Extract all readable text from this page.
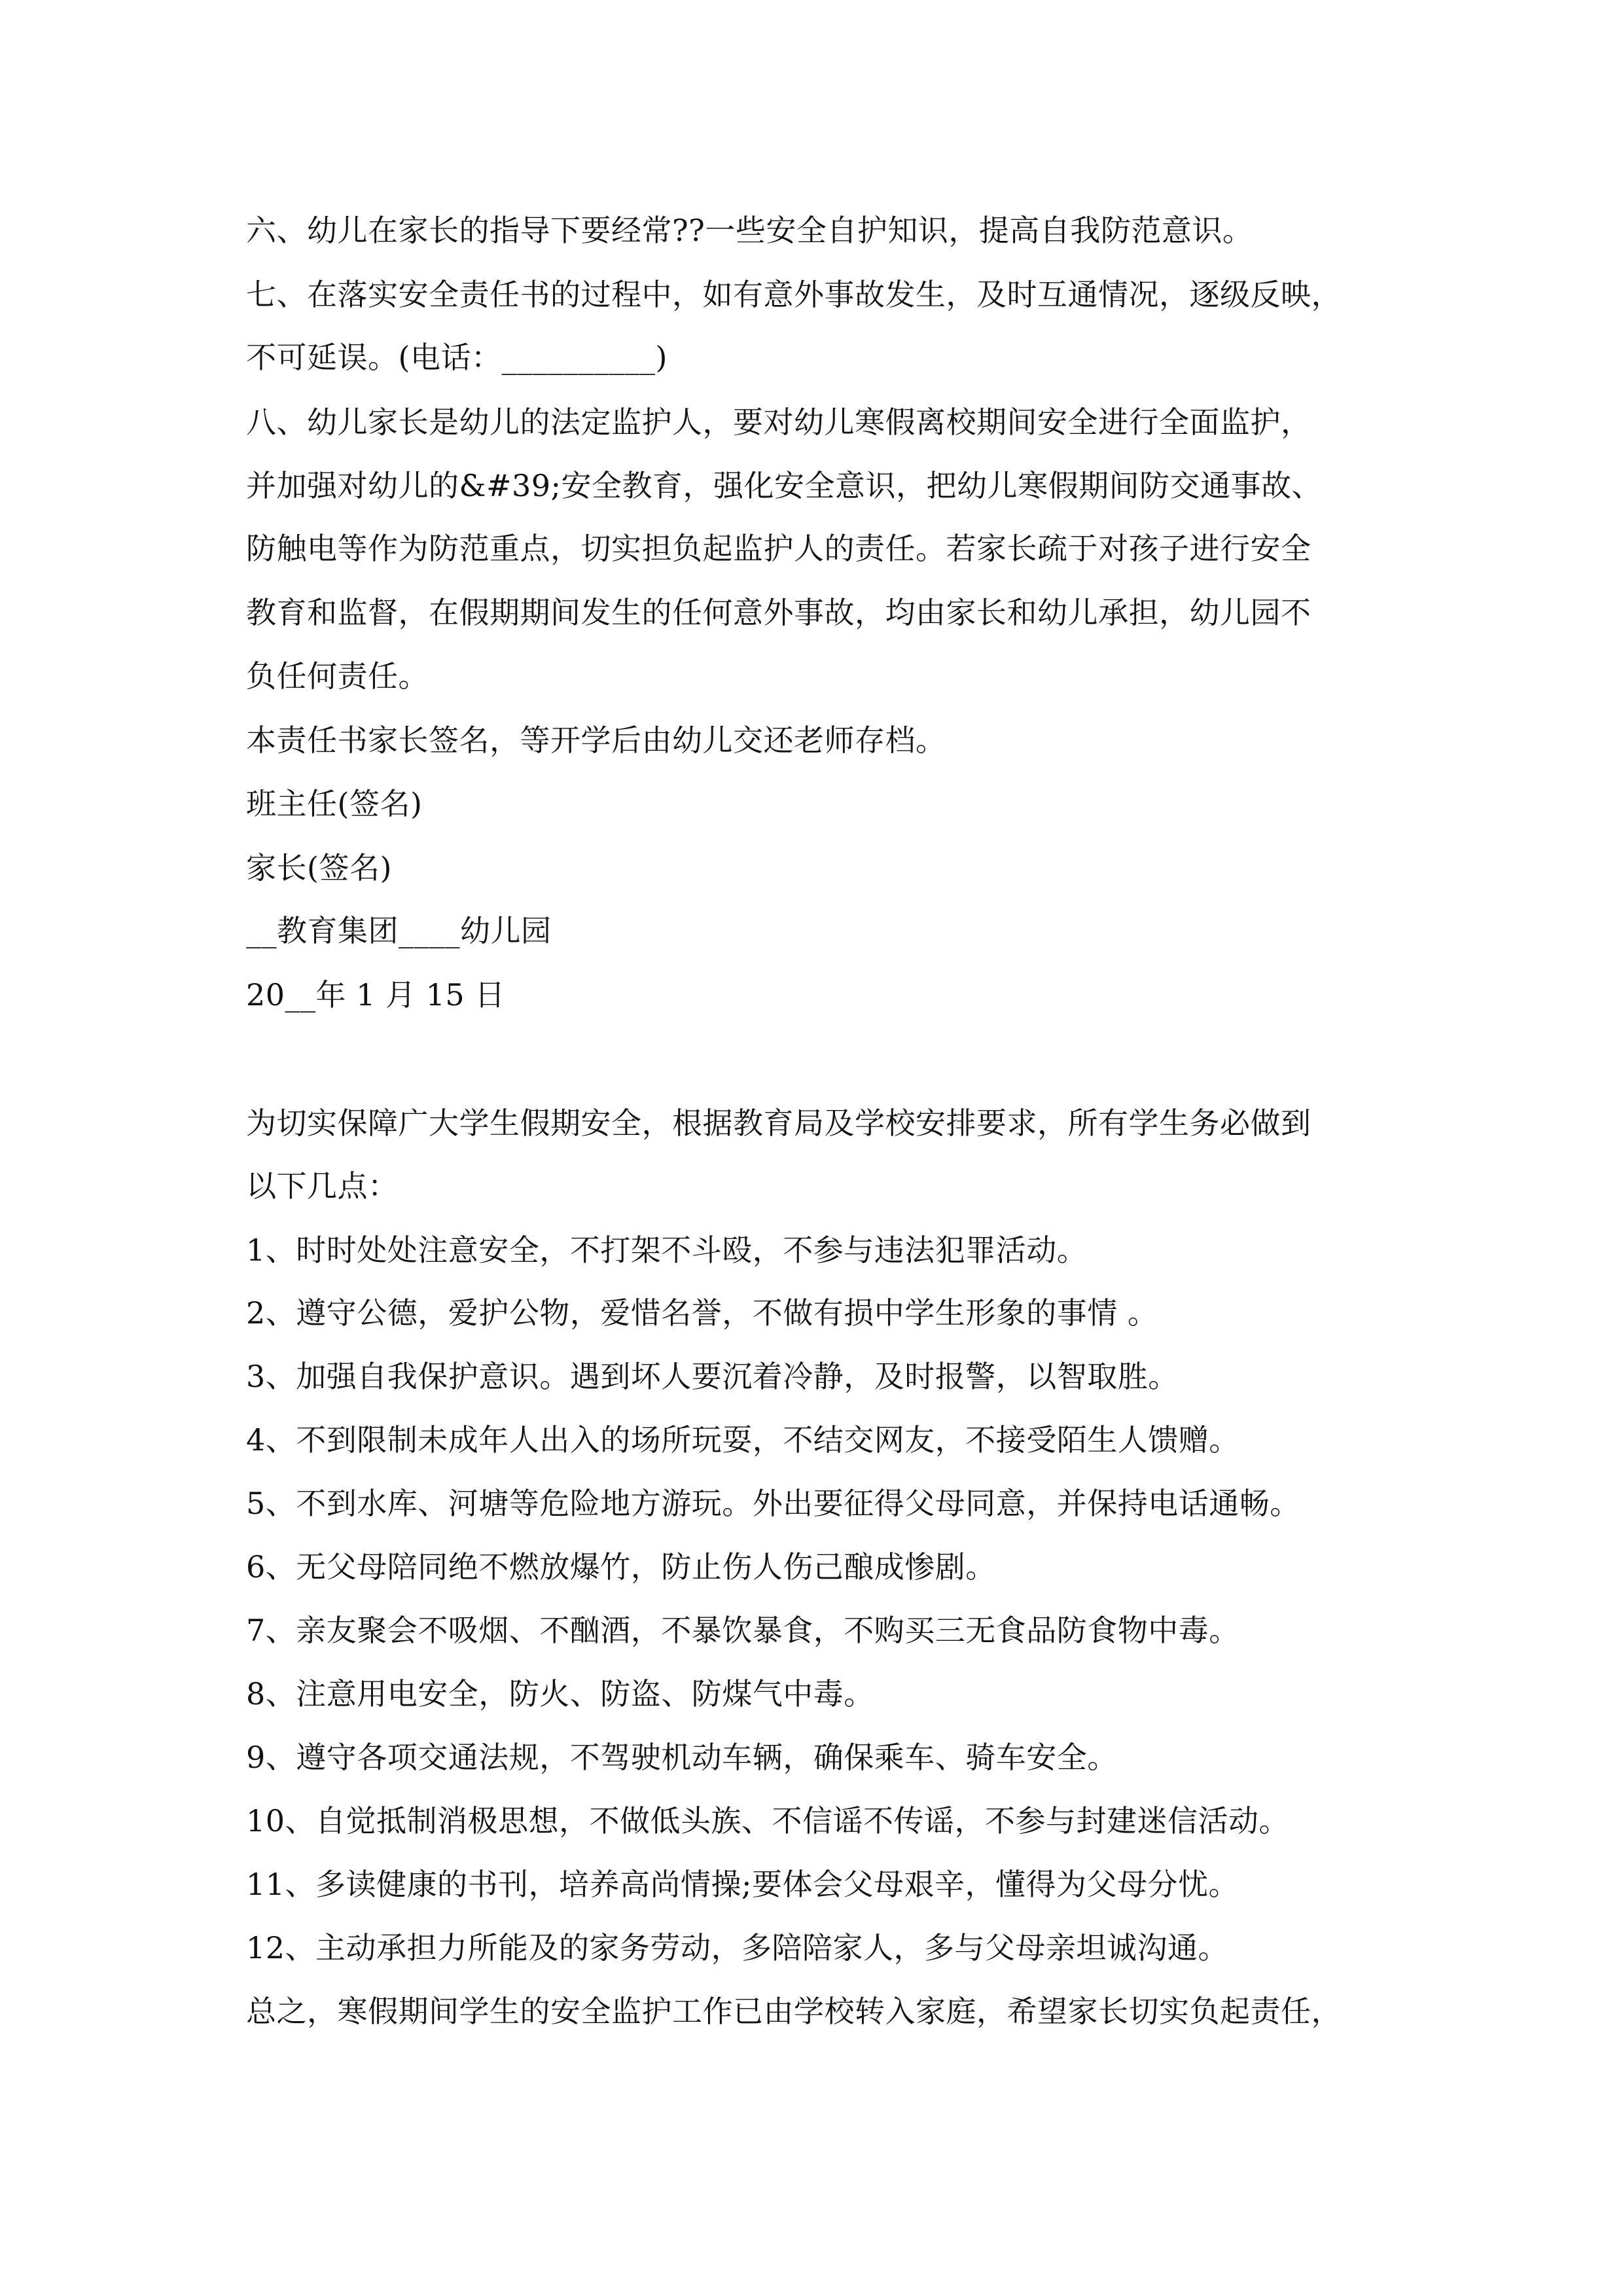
六、幼儿在家长的指导下要经常??一些安全自护知识，提高自我防范意识。
七、在落实安全责任书的过程中，如有意外事故发生，及时互通情况，逐级反映，
不可延误。(电话：__________)
八、幼儿家长是幼儿的法定监护人，要对幼儿寒假离校期间安全进行全面监护，
并加强对幼儿的&#39;安全教育，强化安全意识，把幼儿寒假期间防交通事故、
防触电等作为防范重点，切实担负起监护人的责任。若家长疏于对孩子进行安全
教育和监督，在假期期间发生的任何意外事故，均由家长和幼儿承担，幼儿园不
负任何责任。
本责任书家长签名，等开学后由幼儿交还老师存档。
班主任(签名)
家长(签名)
__教育集团____幼儿园
20__年 1 月 15 日
为切实保障广大学生假期安全，根据教育局及学校安排要求，所有学生务必做到
以下几点：
1、时时处处注意安全，不打架不斗殴，不参与违法犯罪活动。
2、遵守公德，爱护公物，爱惜名誉，不做有损中学生形象的事情 。
3、加强自我保护意识。遇到坏人要沉着冷静，及时报警，以智取胜。
4、不到限制未成年人出入的场所玩耍，不结交网友，不接受陌生人馈赠。
5、不到水库、河塘等危险地方游玩。外出要征得父母同意，并保持电话通畅。
6、无父母陪同绝不燃放爆竹，防止伤人伤己酿成惨剧。
7、亲友聚会不吸烟、不酗酒，不暴饮暴食，不购买三无食品防食物中毒。
8、注意用电安全，防火、防盗、防煤气中毒。
9、遵守各项交通法规，不驾驶机动车辆，确保乘车、骑车安全。
10、自觉抵制消极思想，不做低头族、不信谣不传谣，不参与封建迷信活动。
11、多读健康的书刊，培养高尚情操;要体会父母艰辛，懂得为父母分忧。
12、主动承担力所能及的家务劳动，多陪陪家人，多与父母亲坦诚沟通。
总之，寒假期间学生的安全监护工作已由学校转入家庭，希望家长切实负起责任，
